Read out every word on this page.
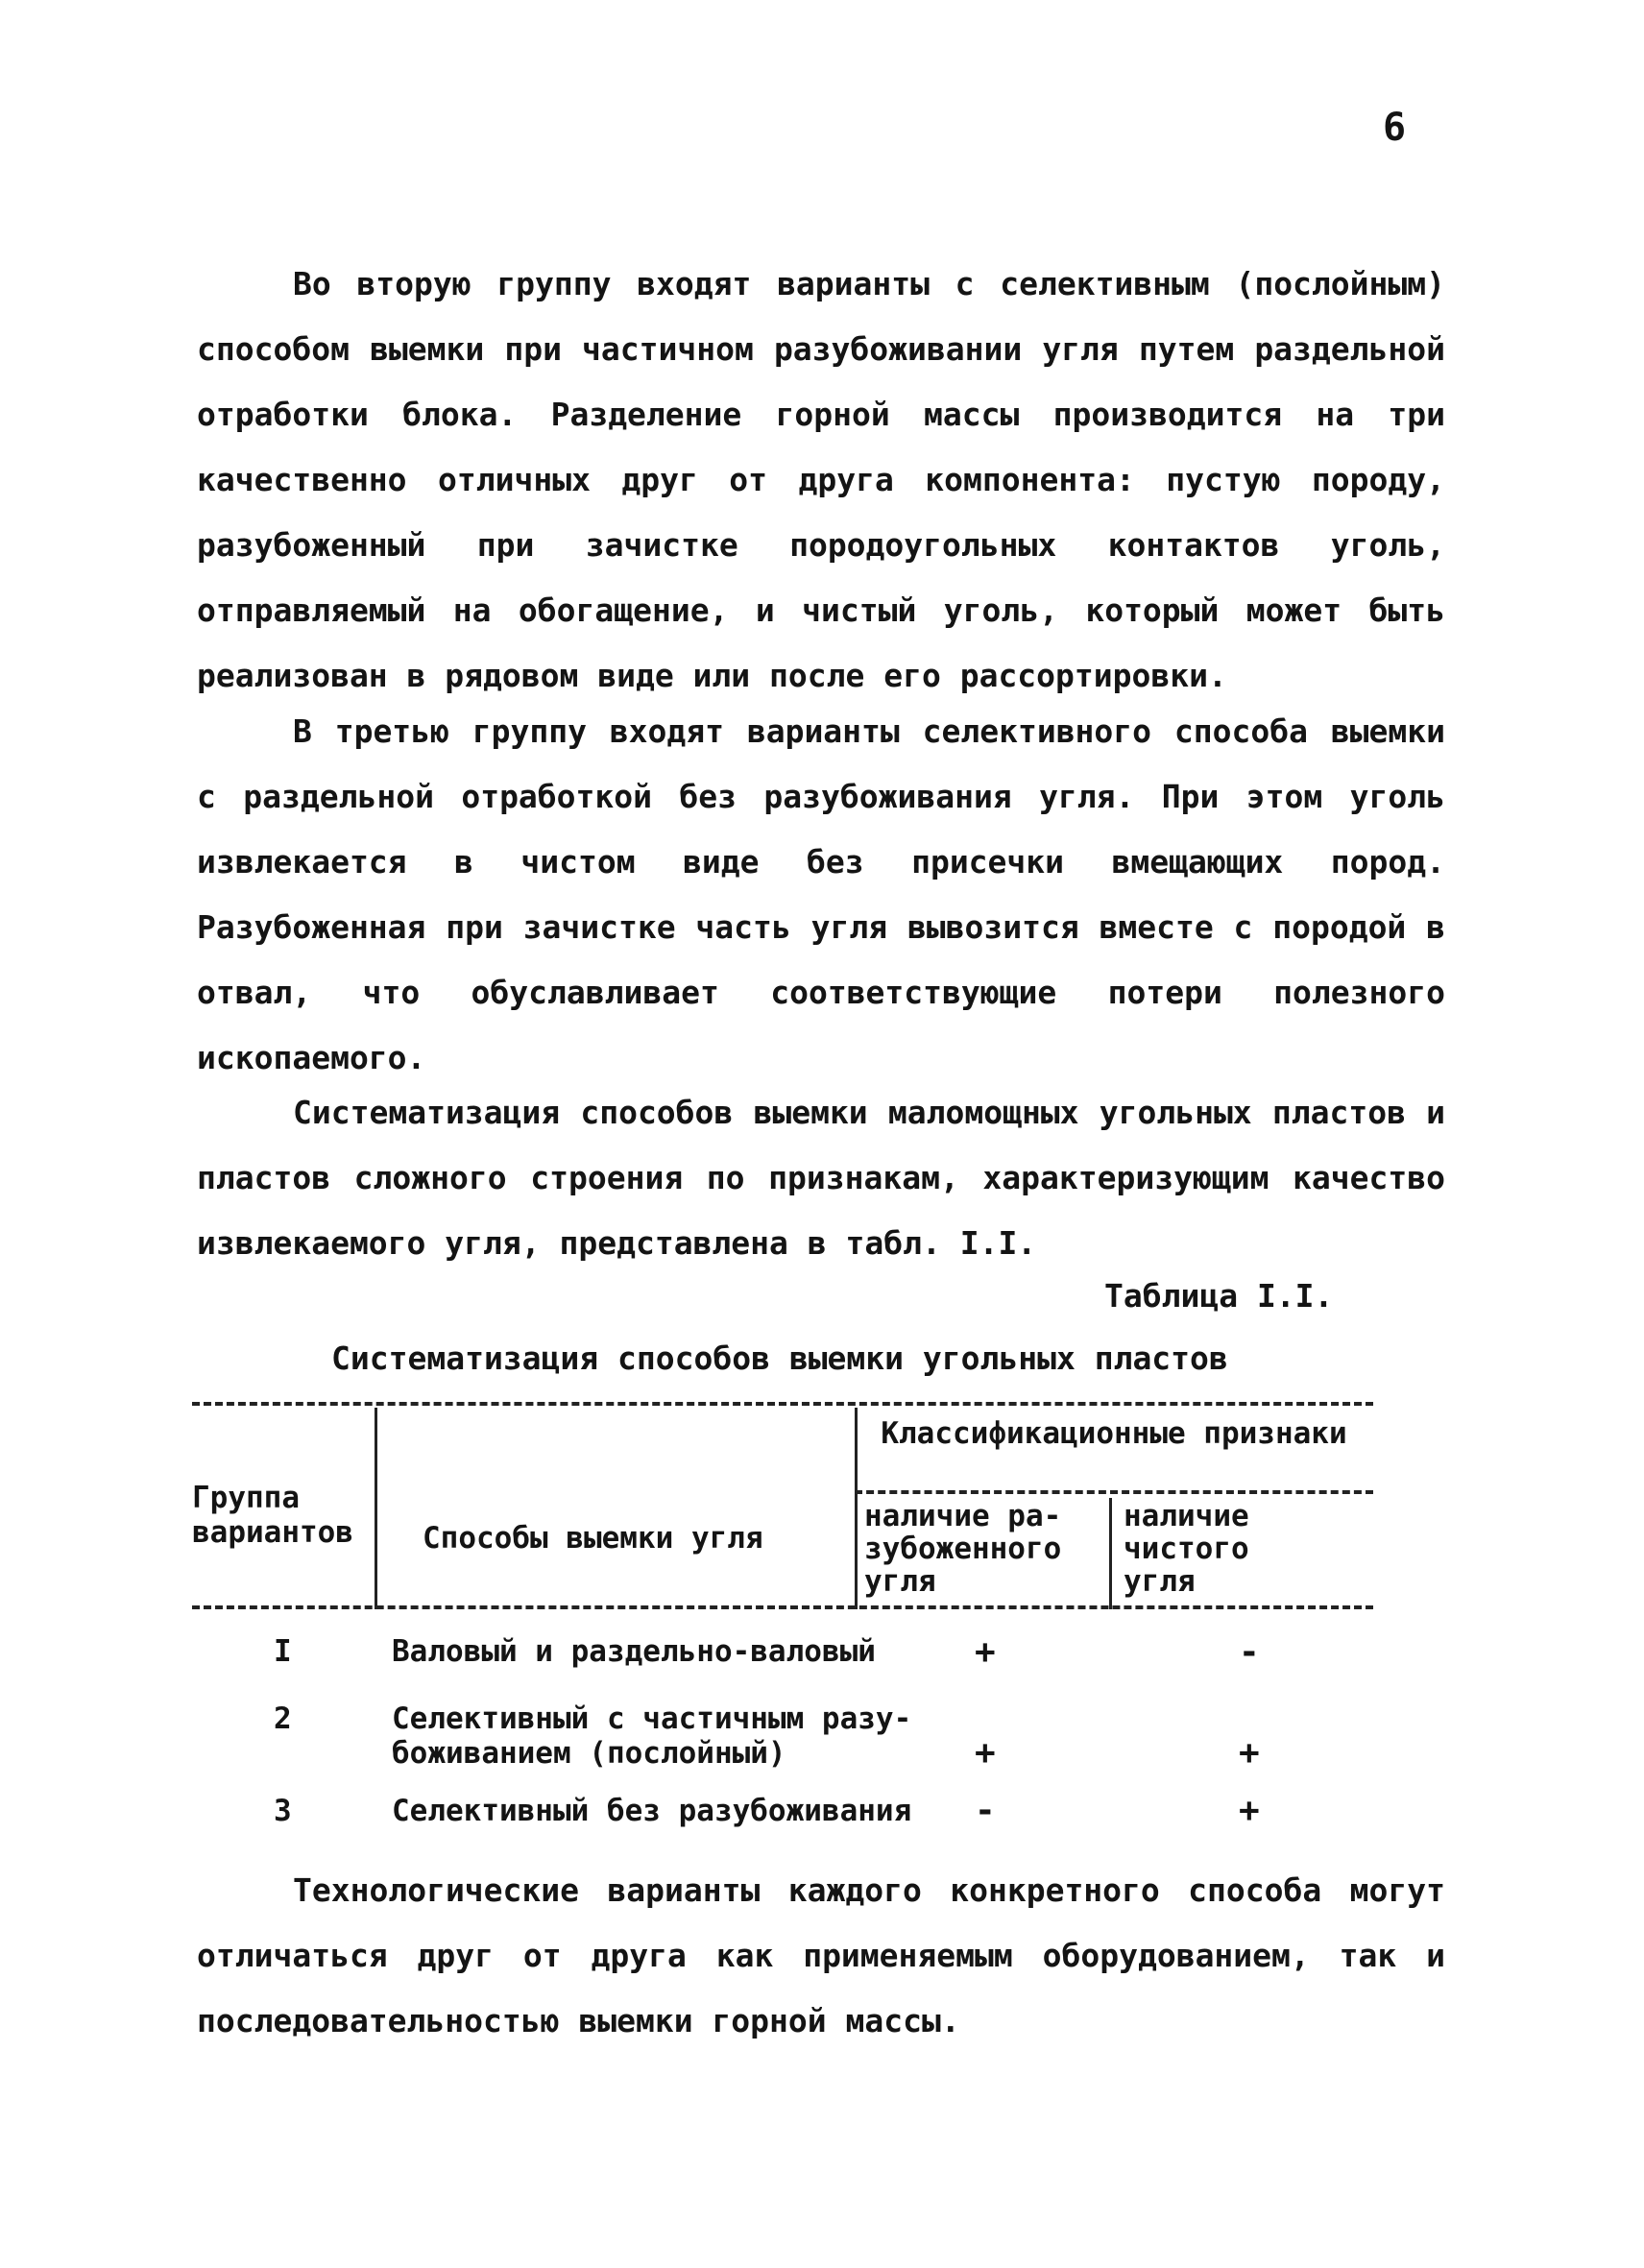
6

Во вторую группу входят варианты с селективным (послойным) способом выемки при частичном разубоживании угля путем раздельной отработки блока. Разделение горной массы производится на три качественно отличных друг от друга компонента: пустую породу, разубоженный при зачистке породоугольных контактов уголь, отправляемый на обогащение, и чистый уголь, который может быть реализован в рядовом виде или после его рассортировки.

В третью группу входят варианты селективного способа выемки с раздельной отработкой без разубоживания угля. При этом уголь извлекается в чистом виде без присечки вмещающих пород. Разубоженная при зачистке часть угля вывозится вместе с породой в отвал, что обуславливает соответствующие потери полезного ископаемого.

Систематизация способов выемки маломощных угольных пластов и пластов сложного строения по признакам, характеризующим качество извлекаемого угля, представлена в табл. I.I.

Таблица I.I.
Систематизация способов выемки угольных пластов
Группа
вариантов	Способы выемки угля
Классификационные признаки
наличие ра-
зубоженного
угля
наличие
чистого
угля
I	Валовый и раздельно-валовый	+	-
2	Селективный с частичным разу-
боживанием (послойный)	+	+
3	Селективный без разубоживания -	+

Технологические варианты каждого конкретного способа могут отличаться друг от друга как применяемым оборудованием, так и последовательностью выемки горной массы.
